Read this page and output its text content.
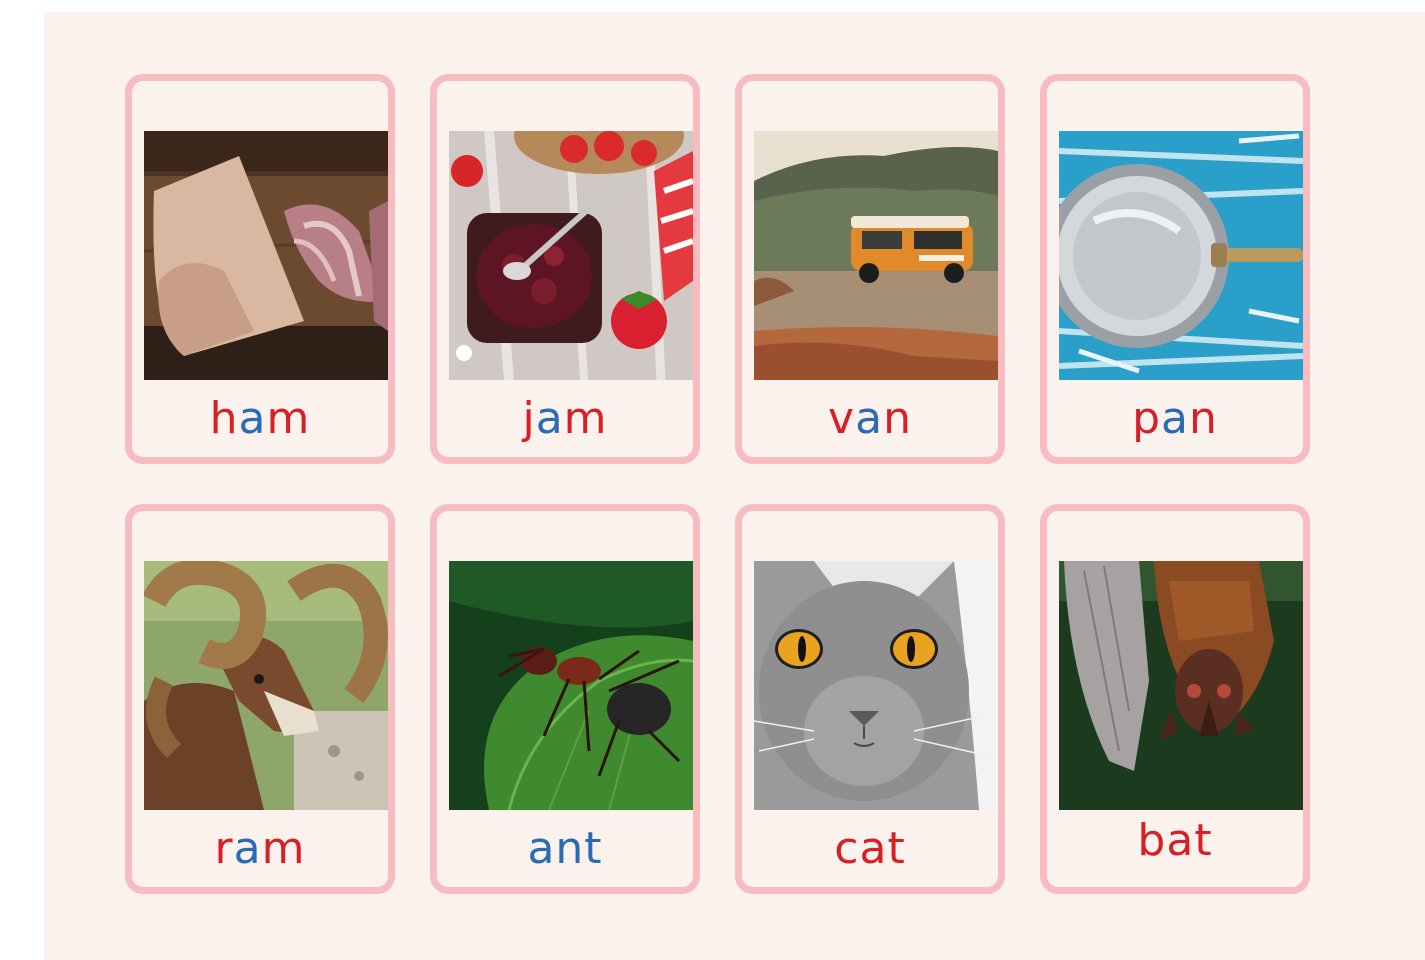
ham	jam	van	pan
ram	ant	cat	bat
